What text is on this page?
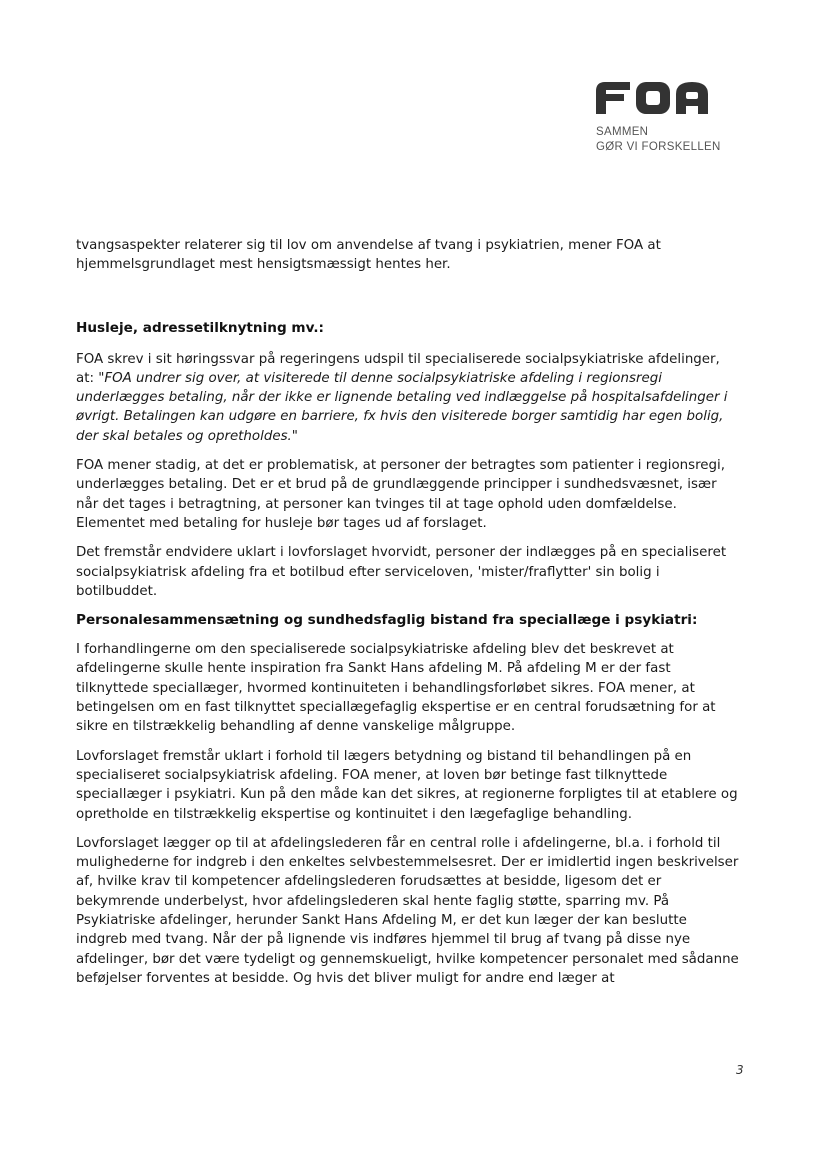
SAMMEN
GØR VI FORSKELLEN

tvangsaspekter relaterer sig til lov om anvendelse af tvang i psykiatrien, mener FOA at hjemmelsgrundlaget mest hensigtsmæssigt hentes her.

Husleje, adressetilknytning mv.:

FOA skrev i sit høringssvar på regeringens udspil til specialiserede socialpsykiatriske afdelinger, at: "FOA undrer sig over, at visiterede til denne socialpsykiatriske afdeling i regionsregi underlægges betaling, når der ikke er lignende betaling ved indlæggelse på hospitalsafdelinger i øvrigt. Betalingen kan udgøre en barriere, fx hvis den visiterede borger samtidig har egen bolig, der skal betales og opretholdes."

FOA mener stadig, at det er problematisk, at personer der betragtes som patienter i regionsregi, underlægges betaling. Det er et brud på de grundlæggende principper i sundhedsvæsnet, især når det tages i betragtning, at personer kan tvinges til at tage ophold uden domfældelse. Elementet med betaling for husleje bør tages ud af forslaget.

Det fremstår endvidere uklart i lovforslaget hvorvidt, personer der indlægges på en specialiseret socialpsykiatrisk afdeling fra et botilbud efter serviceloven, 'mister/fraflytter' sin bolig i botilbuddet.

Personalesammensætning og sundhedsfaglig bistand fra speciallæge i psykiatri:

I forhandlingerne om den specialiserede socialpsykiatriske afdeling blev det beskrevet at afdelingerne skulle hente inspiration fra Sankt Hans afdeling M. På afdeling M er der fast tilknyttede speciallæger, hvormed kontinuiteten i behandlingsforløbet sikres. FOA mener, at betingelsen om en fast tilknyttet speciallægefaglig ekspertise er en central forudsætning for at sikre en tilstrækkelig behandling af denne vanskelige målgruppe.

Lovforslaget fremstår uklart i forhold til lægers betydning og bistand til behandlingen på en specialiseret socialpsykiatrisk afdeling. FOA mener, at loven bør betinge fast tilknyttede speciallæger i psykiatri. Kun på den måde kan det sikres, at regionerne forpligtes til at etablere og opretholde en tilstrækkelig ekspertise og kontinuitet i den lægefaglige behandling.

Lovforslaget lægger op til at afdelingslederen får en central rolle i afdelingerne, bl.a. i forhold til mulighederne for indgreb i den enkeltes selvbestemmelsesret. Der er imidlertid ingen beskrivelser af, hvilke krav til kompetencer afdelingslederen forudsættes at besidde, ligesom det er bekymrende underbelyst, hvor afdelingslederen skal hente faglig støtte, sparring mv. På Psykiatriske afdelinger, herunder Sankt Hans Afdeling M, er det kun læger der kan beslutte indgreb med tvang. Når der på lignende vis indføres hjemmel til brug af tvang på disse nye afdelinger, bør det være tydeligt og gennemskueligt, hvilke kompetencer personalet med sådanne beføjelser forventes at besidde. Og hvis det bliver muligt for andre end læger at

3
